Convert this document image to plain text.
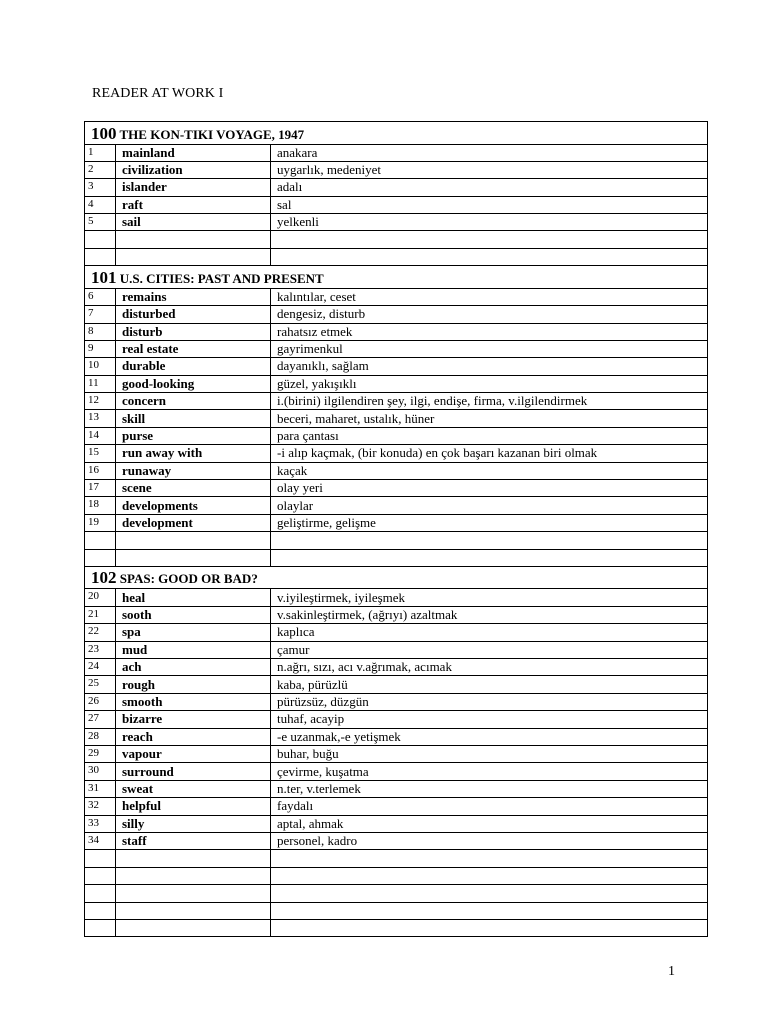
READER AT WORK I
100 THE KON-TIKI VOYAGE, 1947		
1	mainland	anakara
2	civilization	uygarlık, medeniyet
3	islander	adalı
4	raft	sal
5	sail	yelkenli

101 U.S. CITIES: PAST AND PRESENT		
6	remains	kalıntılar, ceset
7	disturbed	dengesiz, disturb
8	disturb	rahatsız etmek
9	real estate	gayrimenkul
10	durable	dayanıklı, sağlam
11	good-looking	güzel, yakışıklı
12	concern	i.(birini) ilgilendiren şey, ilgi, endişe, firma, v.ilgilendirmek
13	skill	beceri, maharet, ustalık, hüner
14	purse	para çantası
15	run away with	-i alıp kaçmak, (bir konuda) en çok başarı kazanan biri olmak
16	runaway	kaçak
17	scene	olay yeri
18	developments	olaylar
19	development	geliştirme, gelişme

102 SPAS: GOOD OR BAD?		
20	heal	v.iyileştirmek, iyileşmek
21	sooth	v.sakinleştirmek, (ağrıyı) azaltmak
22	spa	kaplıca
23	mud	çamur
24	ach	n.ağrı, sızı, acı v.ağrımak, acımak
25	rough	kaba, pürüzlü
26	smooth	pürüzsüz, düzgün
27	bizarre	tuhaf, acayip
28	reach	-e uzanmak,-e yetişmek
29	vapour	buhar, buğu
30	surround	çevirme, kuşatma
31	sweat	n.ter, v.terlemek
32	helpful	faydalı
33	silly	aptal, ahmak
34	staff	personel, kadro

1
